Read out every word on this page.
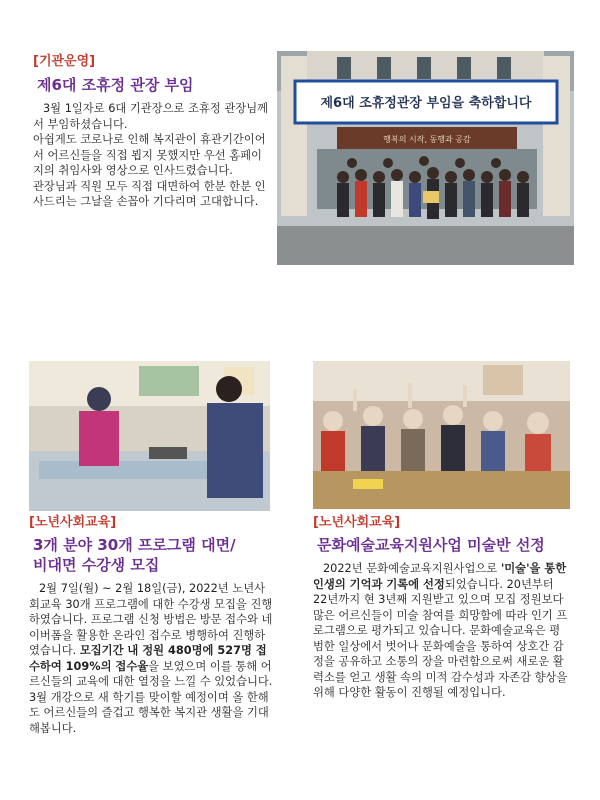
[기관운영]
제6대 조휴정 관장 부임

3월 1일자로 6대 기관장으로 조휴정 관장님께서 부임하셨습니다.

아쉽게도 코로나로 인해 복지관이 휴관기간이어서 어르신들을 직접 뵙지 못했지만 우선 홈페이지의 취임사와 영상으로 인사드렸습니다.

관장님과 직원 모두 직접 대면하여 한분 한분 인사드리는 그날을 손꼽아 기다리며 고대합니다.

제6대 조휴정관장 부임을 축하합니다
행복의 시작, 동행과 공감
[노년사회교육]
3개 분야 30개 프로그램 대면/
비대면 수강생 모집
2월 7일(월) ~ 2월 18일(금), 2022년 노년사회교육 30개 프로그램에 대한 수강생 모집을 진행하였습니다. 프로그램 신청 방법은 방문 접수와 네이버폼을 활용한 온라인 접수로 병행하여 진행하였습니다. 모집기간 내 정원 480명에 527명 접수하여 109%의 접수율을 보였으며 이를 통해 어르신들의 교육에 대한 열정을 느낄 수 있었습니다. 3월 개강으로 새 학기를 맞이할 예정이며 올 한해도 어르신들의 즐겁고 행복한 복지관 생활을 기대해봅니다.
[노년사회교육]
문화예술교육지원사업 미술반 선정
2022년 문화예술교육지원사업으로 '미술'을 통한 인생의 기억과 기록에 선정되었습니다. 20년부터 22년까지 현 3년째 지원받고 있으며 모집 정원보다 많은 어르신들이 미술 참여를 희망함에 따라 인기 프로그램으로 평가되고 있습니다. 문화예술교육은 평범한 일상에서 벗어나 문화예술을 통하여 상호간 감정을 공유하고 소통의 장을 마련함으로써 새로운 활력소를 얻고 생활 속의 미적 감수성과 자존감 향상을 위해 다양한 활동이 진행될 예정입니다.
